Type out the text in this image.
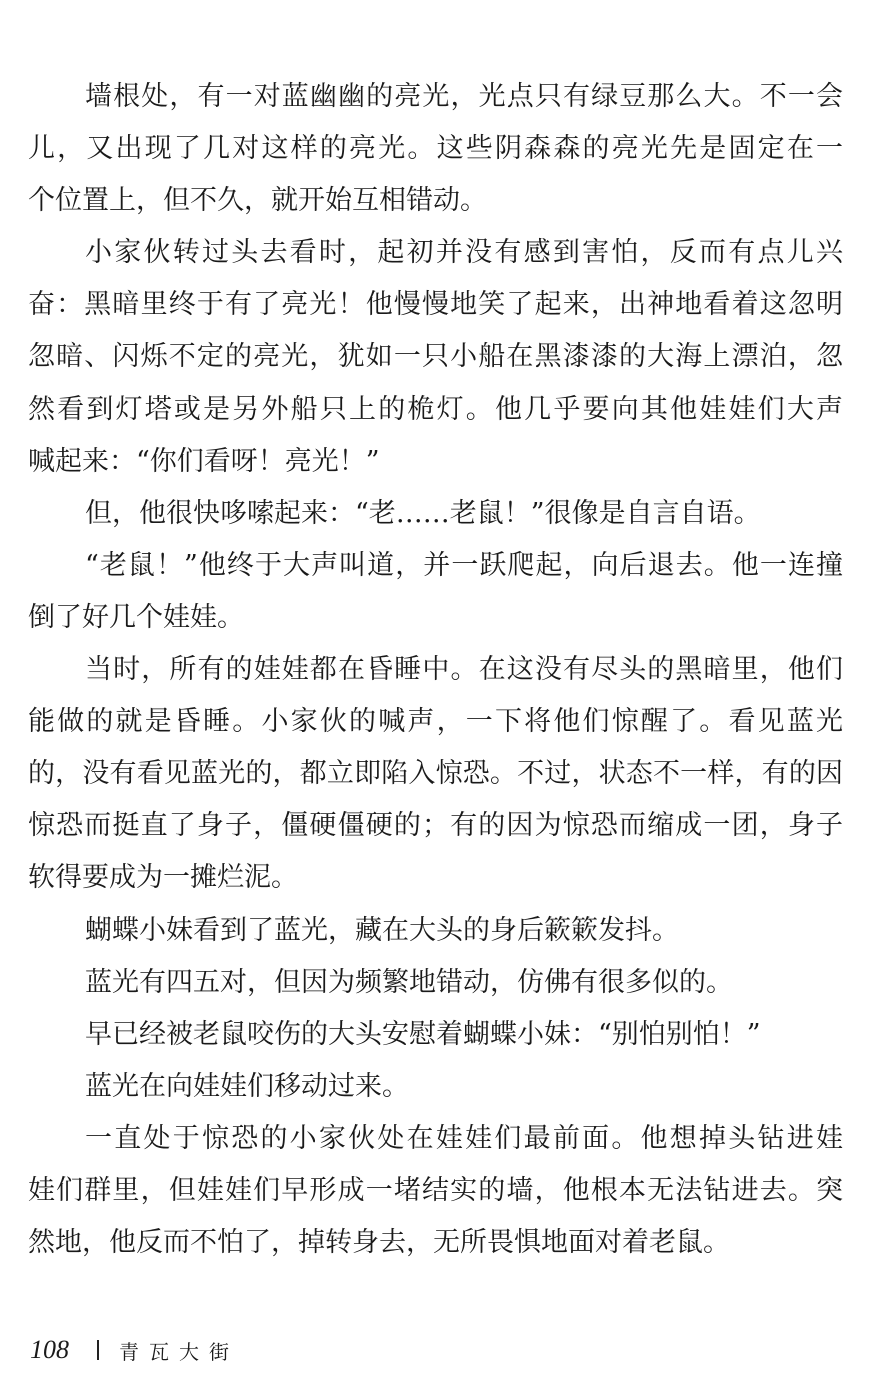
墙根处，有一对蓝幽幽的亮光，光点只有绿豆那么大。不一会
儿，又出现了几对这样的亮光。这些阴森森的亮光先是固定在一
个位置上，但不久，就开始互相错动。
小家伙转过头去看时，起初并没有感到害怕，反而有点儿兴
奋：黑暗里终于有了亮光！他慢慢地笑了起来，出神地看着这忽明
忽暗、闪烁不定的亮光，犹如一只小船在黑漆漆的大海上漂泊，忽
然看到灯塔或是另外船只上的桅灯。他几乎要向其他娃娃们大声
喊起来：“你们看呀！亮光！”
但，他很快哆嗦起来：“老……老鼠！”很像是自言自语。
“老鼠！”他终于大声叫道，并一跃爬起，向后退去。他一连撞
倒了好几个娃娃。
当时，所有的娃娃都在昏睡中。在这没有尽头的黑暗里，他们
能做的就是昏睡。小家伙的喊声，一下将他们惊醒了。看见蓝光
的，没有看见蓝光的，都立即陷入惊恐。不过，状态不一样，有的因
惊恐而挺直了身子，僵硬僵硬的；有的因为惊恐而缩成一团，身子
软得要成为一摊烂泥。
蝴蝶小妹看到了蓝光，藏在大头的身后簌簌发抖。
蓝光有四五对，但因为频繁地错动，仿佛有很多似的。
早已经被老鼠咬伤的大头安慰着蝴蝶小妹：“别怕别怕！”
蓝光在向娃娃们移动过来。
一直处于惊恐的小家伙处在娃娃们最前面。他想掉头钻进娃
娃们群里，但娃娃们早形成一堵结实的墙，他根本无法钻进去。突
然地，他反而不怕了，掉转身去，无所畏惧地面对着老鼠。
108	青瓦大街
